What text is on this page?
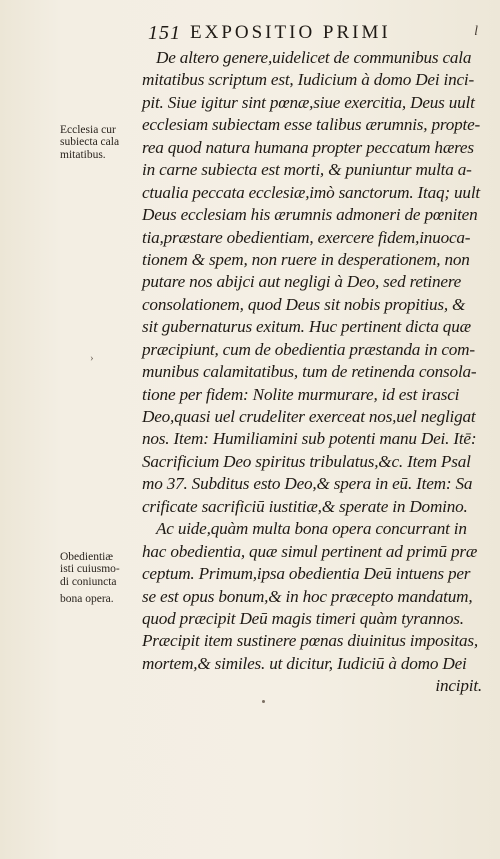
151 EXPOSITIO PRIMI	l
De altero genere,uidelicet de communibus cala
mitatibus scriptum est, Iudicium à domo Dei inci-
pit. Siue igitur sint pœnæ,siue exercitia, Deus uult
ecclesiam subiectam esse talibus ærumnis, propte-
rea quod natura humana propter peccatum hæres
in carne subiecta est morti, & puniuntur multa a-
ctualia peccata ecclesiæ,imò sanctorum. Itaq; uult
Deus ecclesiam his ærumnis admoneri de pœniten
tia,præstare obedientiam, exercere fidem,inuoca-
tionem & spem, non ruere in desperationem, non
putare nos abijci aut negligi à Deo, sed retinere
consolationem, quod Deus sit nobis propitius, &
sit gubernaturus exitum. Huc pertinent dicta quæ
præcipiunt, cum de obedientia præstanda in com-
munibus calamitatibus, tum de retinenda consola-
tione per fidem: Nolite murmurare, id est irasci
Deo,quasi uel crudeliter exerceat nos,uel negligat
nos. Item: Humiliamini sub potenti manu Dei. Itē:
Sacrificium Deo spiritus tribulatus,&c. Item Psal
mo 37. Subditus esto Deo,& spera in eū. Item: Sa
crificate sacrificiū iustitiæ,& sperate in Domino.
Ac uide,quàm multa bona opera concurrant in
hac obedientia, quæ simul pertinent ad primū præ
ceptum. Primum,ipsa obedientia Deū intuens per
se est opus bonum,& in hoc præcepto mandatum,
quod præcipit Deū magis timeri quàm tyrannos.
Præcipit item sustinere pœnas diuinitus impositas,
mortem,& similes. ut dicitur, Iudiciū à domo Dei
incipit.
Ecclesia cur
subiecta cala
mitatibus.
Obedientiæ
isti cuiusmo-
di coniuncta
bona opera.
›
